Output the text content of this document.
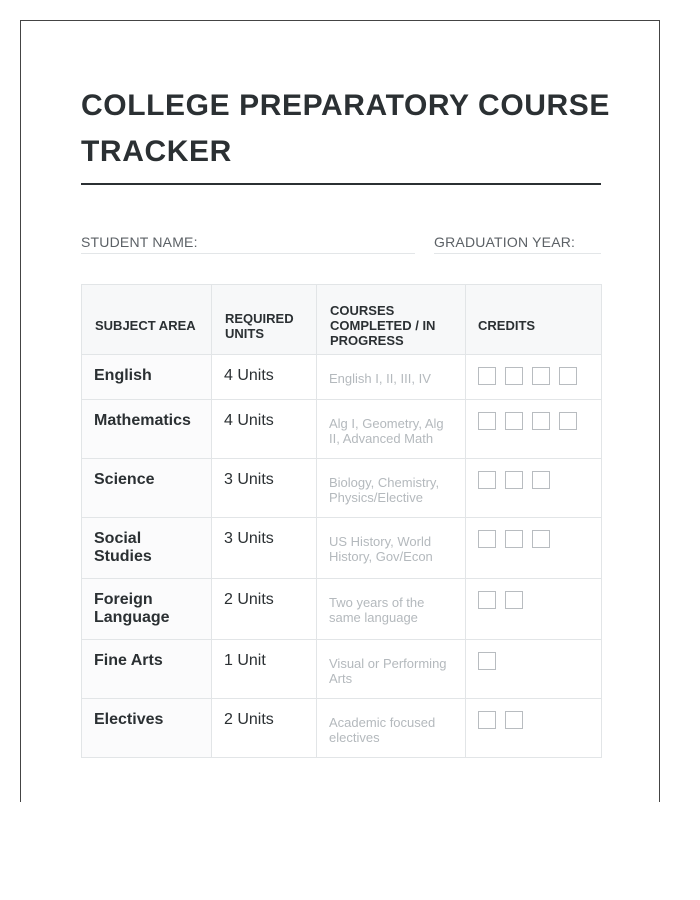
COLLEGE PREPARATORY COURSE TRACKER
STUDENT NAME:	GRADUATION YEAR:
SUBJECT AREA	REQUIRED UNITS	COURSES COMPLETED / IN PROGRESS	CREDITS
English	4 Units	English I, II, III, IV	
Mathematics	4 Units	Alg I, Geometry, Alg II, Advanced Math	
Science	3 Units	Biology, Chemistry, Physics/Elective	
Social Studies	3 Units	US History, World History, Gov/Econ	
Foreign Language	2 Units	Two years of the same language	
Fine Arts	1 Unit	Visual or Performing Arts	
Electives	2 Units	Academic focused electives	
